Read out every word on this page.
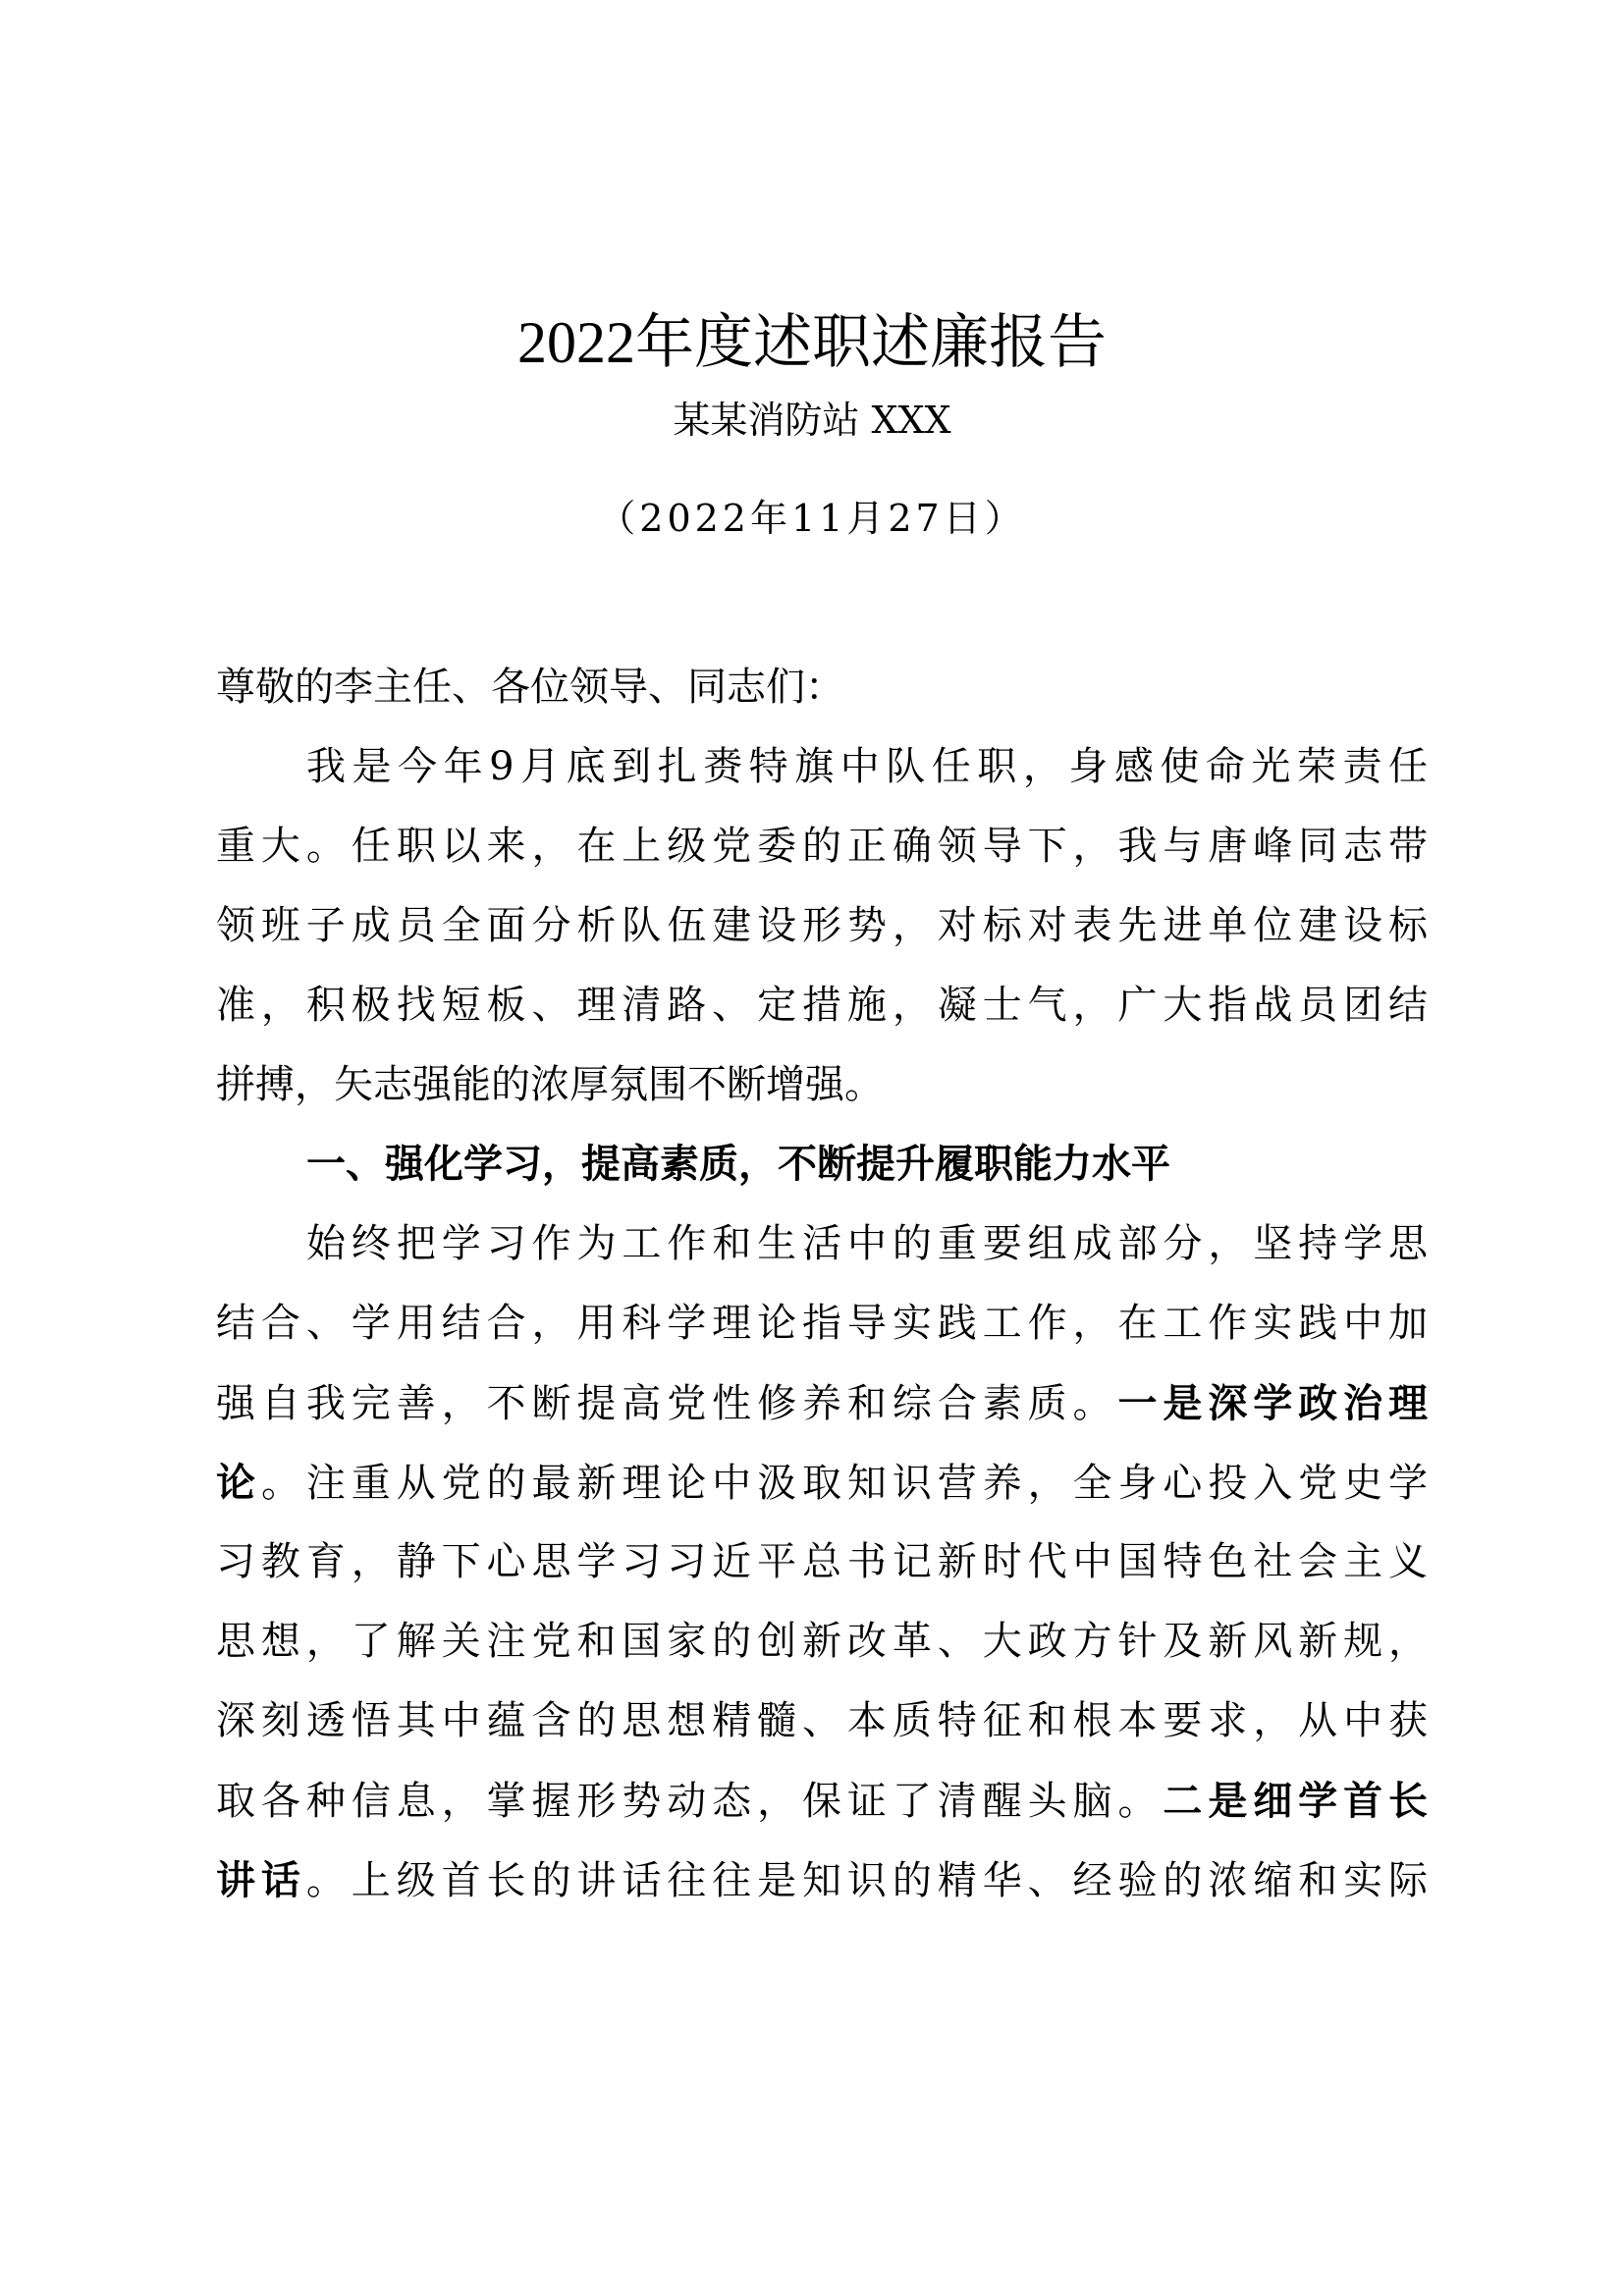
2022年度述职述廉报告
某某消防站 XXX
（2022年11月27日）
尊敬的李主任、各位领导、同志们：
我是今年9月底到扎赉特旗中队任职，身感使命光荣责任
重大。任职以来，在上级党委的正确领导下，我与唐峰同志带
领班子成员全面分析队伍建设形势，对标对表先进单位建设标
准，积极找短板、理清路、定措施，凝士气，广大指战员团结
拼搏，矢志强能的浓厚氛围不断增强。
一、强化学习，提高素质，不断提升履职能力水平
始终把学习作为工作和生活中的重要组成部分，坚持学思
结合、学用结合，用科学理论指导实践工作，在工作实践中加
强自我完善，不断提高党性修养和综合素质。一是深学政治理
论。注重从党的最新理论中汲取知识营养，全身心投入党史学
习教育，静下心思学习习近平总书记新时代中国特色社会主义
思想，了解关注党和国家的创新改革、大政方针及新风新规，
深刻透悟其中蕴含的思想精髓、本质特征和根本要求，从中获
取各种信息，掌握形势动态，保证了清醒头脑。二是细学首长
讲话。上级首长的讲话往往是知识的精华、经验的浓缩和实际
